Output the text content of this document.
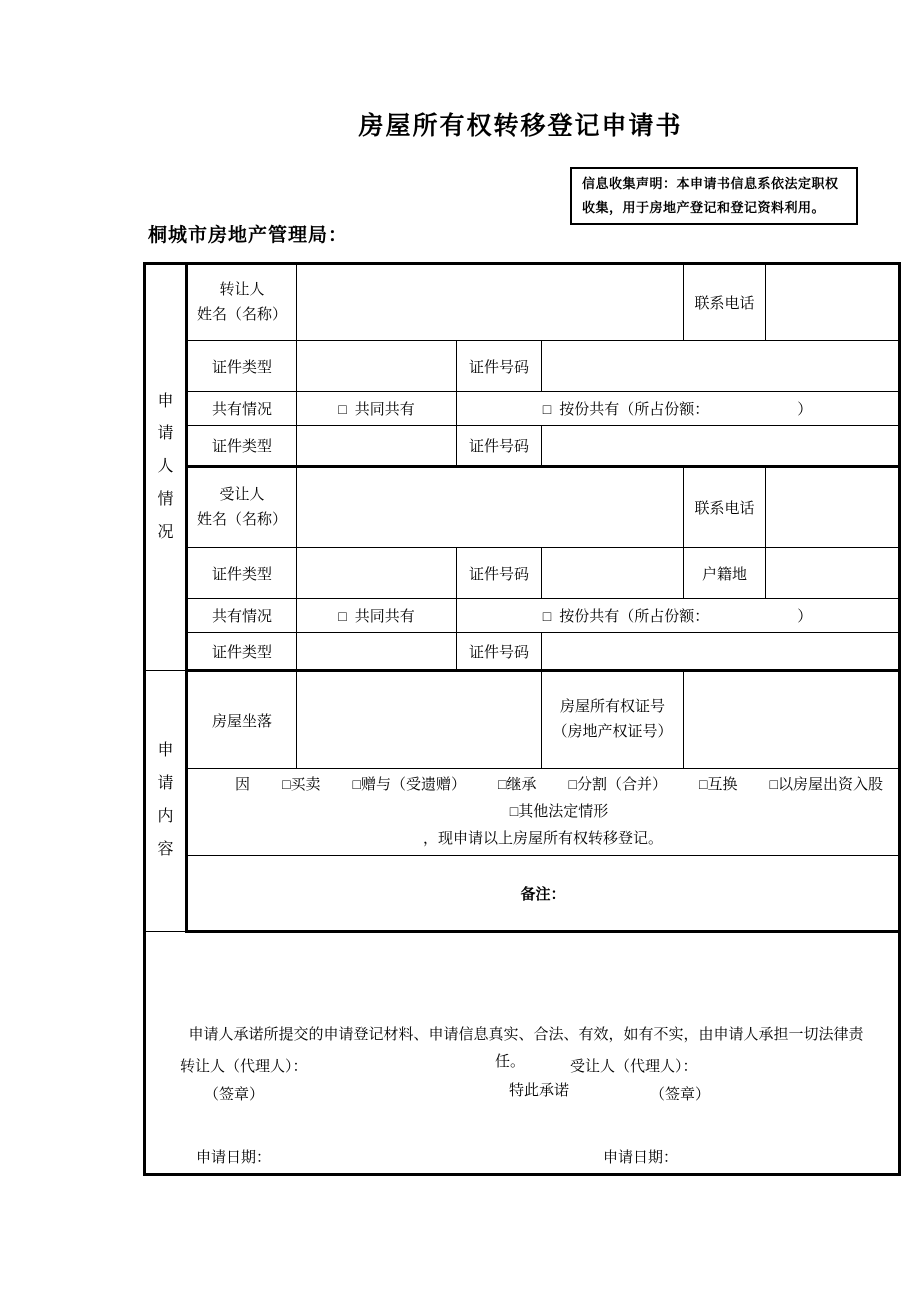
房屋所有权转移登记申请书
信息收集声明：本申请书信息系依法定职权收集，用于房地产登记和登记资料利用。
桐城市房地产管理局：
申请人情况	转让人
姓名（名称）				联系电话	
	证件类型		证件号码			
	共有情况	□ 共同共有	□ 按份共有（所占份额： ）			
	证件类型		证件号码			

	受让人
姓名（名称）				联系电话	
	证件类型		证件号码		户籍地	
	共有情况	□ 共同共有	□ 按份共有（所占份额： ）			
	证件类型		证件号码			

申请内容	房屋坐落			房屋所有权证号
（房地产权证号）		

	因 □买卖 □赠与（受遗赠） □继承 □分割（合并） □互换 □以房屋出资入股□其他法定情形
，现申请以上房屋所有权转移登记。					

	备注：					

申请人承诺所提交的申请登记材料、申请信息真实、合法、有效，如有不实，由申请人承担一切法律责任。
特此承诺
转让人（代理人）：	受让人（代理人）：
（签章）	（签章）
申请日期：	申请日期：
